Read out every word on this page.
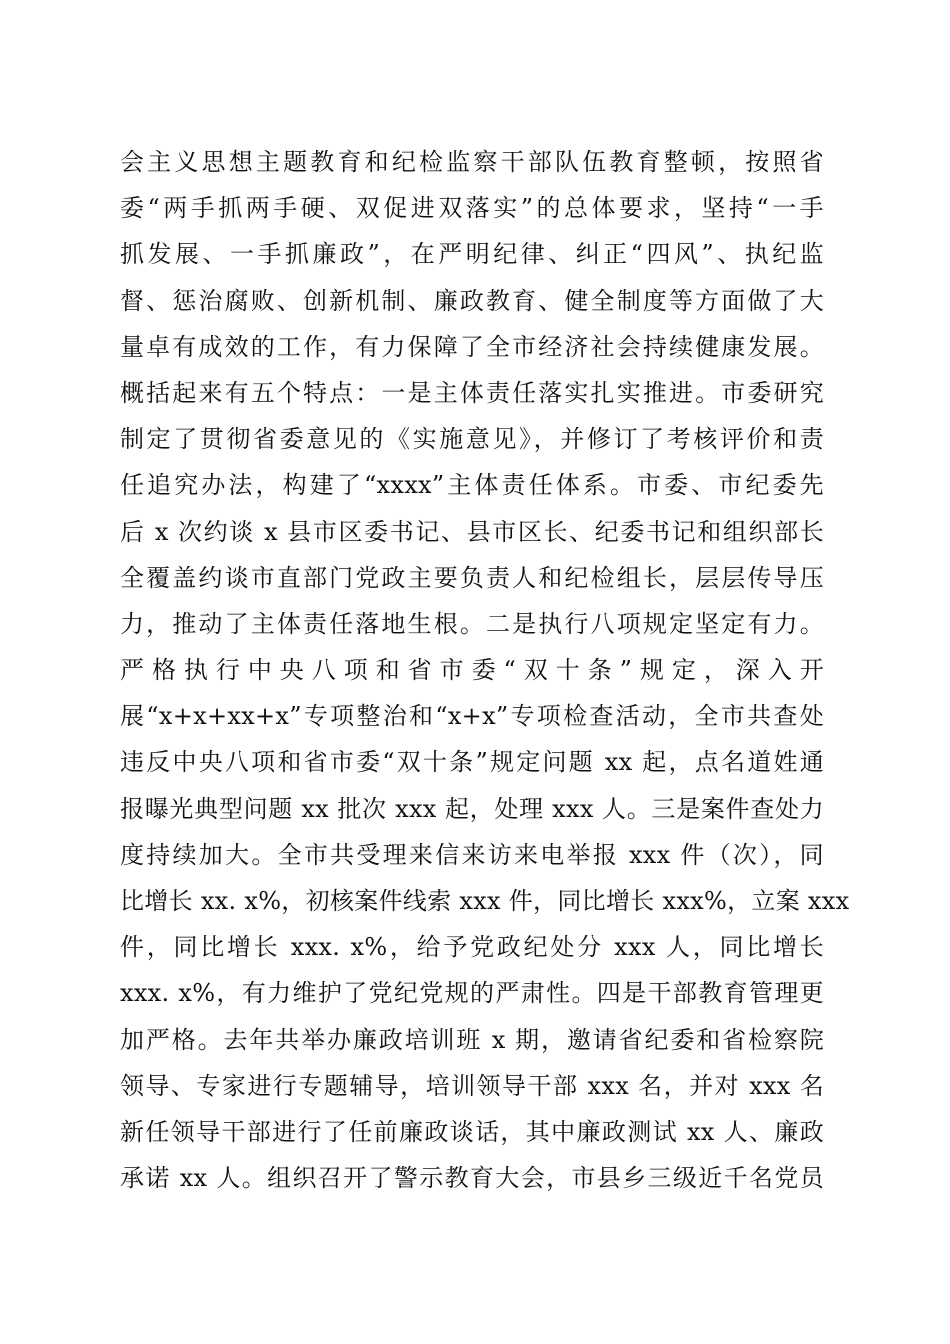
会主义思想主题教育和纪检监察干部队伍教育整顿，按照省
委“两手抓两手硬、双促进双落实”的总体要求，坚持“一手
抓发展、一手抓廉政”，在严明纪律、纠正“四风”、执纪监
督、惩治腐败、创新机制、廉政教育、健全制度等方面做了大
量卓有成效的工作，有力保障了全市经济社会持续健康发展。
概括起来有五个特点：一是主体责任落实扎实推进。市委研究
制定了贯彻省委意见的《实施意见》，并修订了考核评价和责
任追究办法，构建了“xxxx”主体责任体系。市委、市纪委先
后 x 次约谈 x 县市区委书记、县市区长、纪委书记和组织部长
全覆盖约谈市直部门党政主要负责人和纪检组长，层层传导压
力，推动了主体责任落地生根。二是执行八项规定坚定有力。
严格执行中央八项和省市委“双十条”规定，深入开
展“x+x+xx+x”专项整治和“x+x”专项检查活动，全市共查处
违反中央八项和省市委“双十条”规定问题 xx 起，点名道姓通
报曝光典型问题 xx 批次 xxx 起，处理 xxx 人。三是案件查处力
度持续加大。全市共受理来信来访来电举报 xxx 件（次），同
比增长 xx. x%，初核案件线索 xxx 件，同比增长 xxx%，立案 xxx
件，同比增长 xxx. x%，给予党政纪处分 xxx 人，同比增长
xxx. x%，有力维护了党纪党规的严肃性。四是干部教育管理更
加严格。去年共举办廉政培训班 x 期，邀请省纪委和省检察院
领导、专家进行专题辅导，培训领导干部 xxx 名，并对 xxx 名
新任领导干部进行了任前廉政谈话，其中廉政测试 xx 人、廉政
承诺 xx 人。组织召开了警示教育大会，市县乡三级近千名党员
